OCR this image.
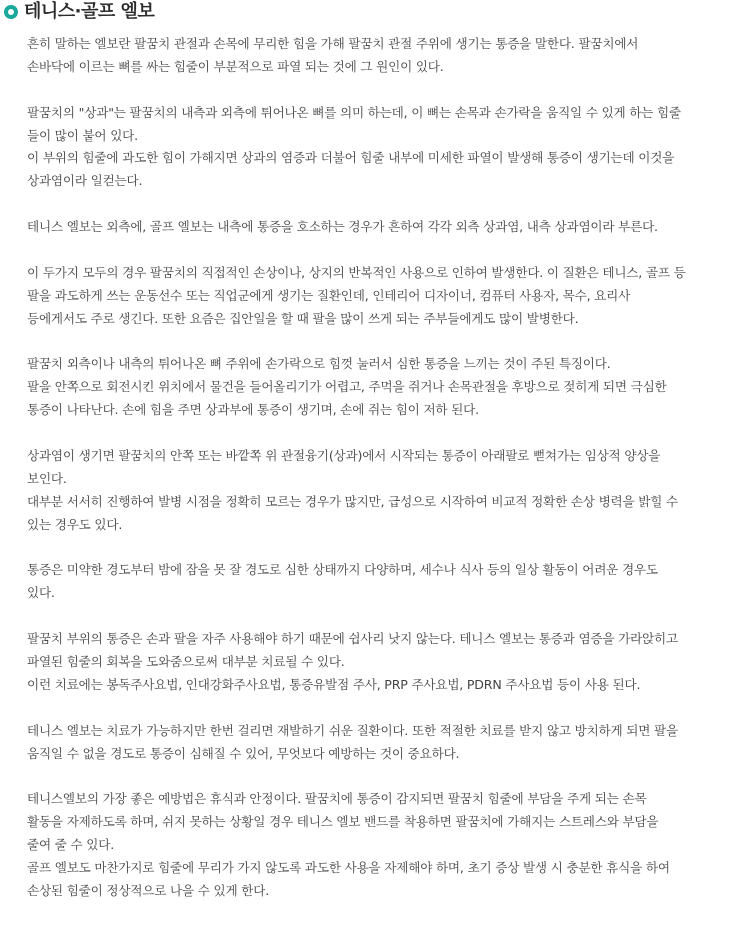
테니스·골프 엘보
흔히 말하는 엘보란 팔꿈치 관절과 손목에 무리한 힘을 가해 팔꿈치 관절 주위에 생기는 통증을 말한다. 팔꿈치에서
손바닥에 이르는 뼈를 싸는 힘줄이 부분적으로 파열 되는 것에 그 원인이 있다.
팔꿈치의 "상과"는 팔꿈치의 내측과 외측에 튀어나온 뼈를 의미 하는데, 이 뼈는 손목과 손가락을 움직일 수 있게 하는 힘줄
들이 많이 붙어 있다.
이 부위의 힘줄에 과도한 힘이 가해지면 상과의 염증과 더불어 힘줄 내부에 미세한 파열이 발생해 통증이 생기는데 이것을
상과염이라 일컫는다.
테니스 엘보는 외측에, 골프 엘보는 내측에 통증을 호소하는 경우가 흔하여 각각 외측 상과염, 내측 상과염이라 부른다.
이 두가지 모두의 경우 팔꿈치의 직접적인 손상이나, 상지의 반복적인 사용으로 인하여 발생한다. 이 질환은 테니스, 골프 등
팔을 과도하게 쓰는 운동선수 또는 직업군에게 생기는 질환인데, 인테리어 디자이너, 컴퓨터 사용자, 목수, 요리사
등에게서도 주로 생긴다. 또한 요즘은 집안일을 할 때 팔을 많이 쓰게 되는 주부들에게도 많이 발병한다.
팔꿈치 외측이나 내측의 튀어나온 뼈 주위에 손가락으로 힘껏 눌러서 심한 통증을 느끼는 것이 주된 특징이다.
팔을 안쪽으로 회전시킨 위치에서 물건을 들어올리기가 어렵고, 주먹을 쥐거나 손목관절을 후방으로 젖히게 되면 극심한
통증이 나타난다. 손에 힘을 주면 상과부에 통증이 생기며, 손에 쥐는 힘이 저하 된다.
상과염이 생기면 팔꿈치의 안쪽 또는 바깥쪽 위 관절융기(상과)에서 시작되는 통증이 아래팔로 뻗쳐가는 임상적 양상을
보인다.
대부분 서서히 진행하여 발병 시점을 정확히 모르는 경우가 많지만, 급성으로 시작하여 비교적 정확한 손상 병력을 밝힐 수
있는 경우도 있다.
통증은 미약한 경도부터 밤에 잠을 못 잘 경도로 심한 상태까지 다양하며, 세수나 식사 등의 일상 활동이 어려운 경우도
있다.
팔꿈치 부위의 통증은 손과 팔을 자주 사용해야 하기 때문에 쉽사리 낫지 않는다. 테니스 엘보는 통증과 염증을 가라앉히고
파열된 힘줄의 회복을 도와줌으로써 대부분 치료될 수 있다.
이런 치료에는 봉독주사요법, 인대강화주사요법, 통증유발점 주사, PRP 주사요법, PDRN 주사요법 등이 사용 된다.
테니스 엘보는 치료가 가능하지만 한번 걸리면 재발하기 쉬운 질환이다. 또한 적절한 치료를 받지 않고 방치하게 되면 팔을
움직일 수 없을 경도로 통증이 심해질 수 있어, 무엇보다 예방하는 것이 중요하다.
테니스엘보의 가장 좋은 예방법은 휴식과 안정이다. 팔꿈치에 통증이 감지되면 팔꿈치 힘줄에 부담을 주게 되는 손목
활동을 자제하도록 하며, 쉬지 못하는 상황일 경우 테니스 엘보 밴드를 착용하면 팔꿈치에 가해지는 스트레스와 부담을
줄여 줄 수 있다.
골프 엘보도 마찬가지로 힘줄에 무리가 가지 않도록 과도한 사용을 자제해야 하며, 초기 증상 발생 시 충분한 휴식을 하여
손상된 힘줄이 정상적으로 나을 수 있게 한다.
